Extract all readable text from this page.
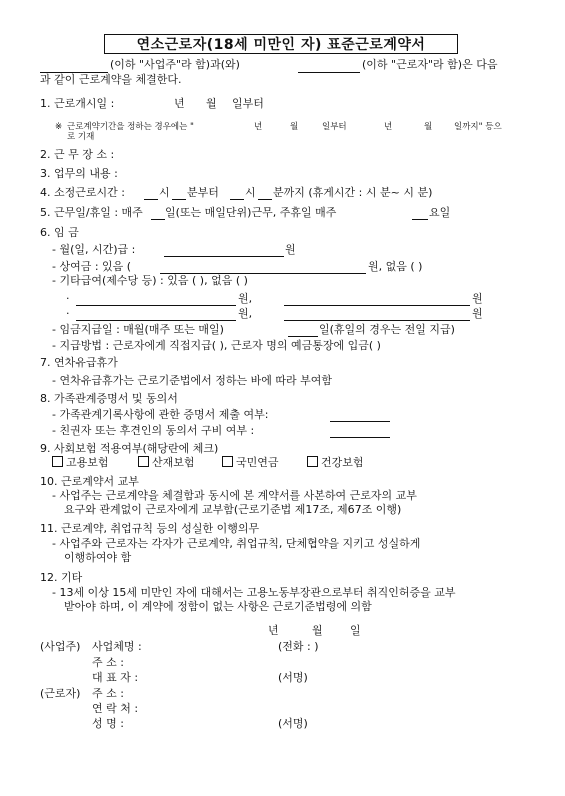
연소근로자(18세 미만인 자) 표준근로계약서
(이하 "사업주"라 함)과(와)	(이하 "근로자"라 함)은 다음
과 같이 근로계약을 체결한다.
1. 근로개시일 :	년 월 일부터
※ 근로계약기간을 정하는 경우에는 "	년	월	일부터	년	월	일까지" 등으
로 기재
2. 근 무 장 소 :
3. 업무의 내용 :
4. 소정근로시간 :	시 분부터 시 분까지 (휴게시간 : 시 분~ 시 분)
5. 근무일/휴일 : 매주 일(또는 매일단위)근무, 주휴일 매주	요일
6. 임 금
- 월(일, 시간)급 :	원
- 상여금 : 있음 (	원, 없음 ( )
- 기타급여(제수당 등) : 있음 ( ), 없음 ( )
·	원,	원
·	원,	원
- 임금지급일 : 매월(매주 또는 매일)	일(휴일의 경우는 전일 지급)
- 지급방법 : 근로자에게 직접지급( ), 근로자 명의 예금통장에 입금( )
7. 연차유급휴가
- 연차유급휴가는 근로기준법에서 정하는 바에 따라 부여함
8. 가족관계증명서 및 동의서
- 가족관계기록사항에 관한 증명서 제출 여부:
- 친권자 또는 후견인의 동의서 구비 여부 :
9. 사회보험 적용여부(해당란에 체크)
고용보험	산재보험	국민연금	건강보험
10. 근로계약서 교부
- 사업주는 근로계약을 체결함과 동시에 본 계약서를 사본하여 근로자의 교부
요구와 관계없이 근로자에게 교부함(근로기준법 제17조, 제67조 이행)
11. 근로계약, 취업규칙 등의 성실한 이행의무
- 사업주와 근로자는 각자가 근로계약, 취업규칙, 단체협약을 지키고 성실하게
이행하여야 함
12. 기타
- 13세 이상 15세 미만인 자에 대해서는 고용노동부장관으로부터 취직인허증을 교부
받아야 하며, 이 계약에 정함이 없는 사항은 근로기준법령에 의함
년	월 일
(사업주) 사업체명 :	(전화 : )
주 소 :
대 표 자 :	(서명)
(근로자) 주 소 :
연 락 처 :
성 명 :	(서명)
